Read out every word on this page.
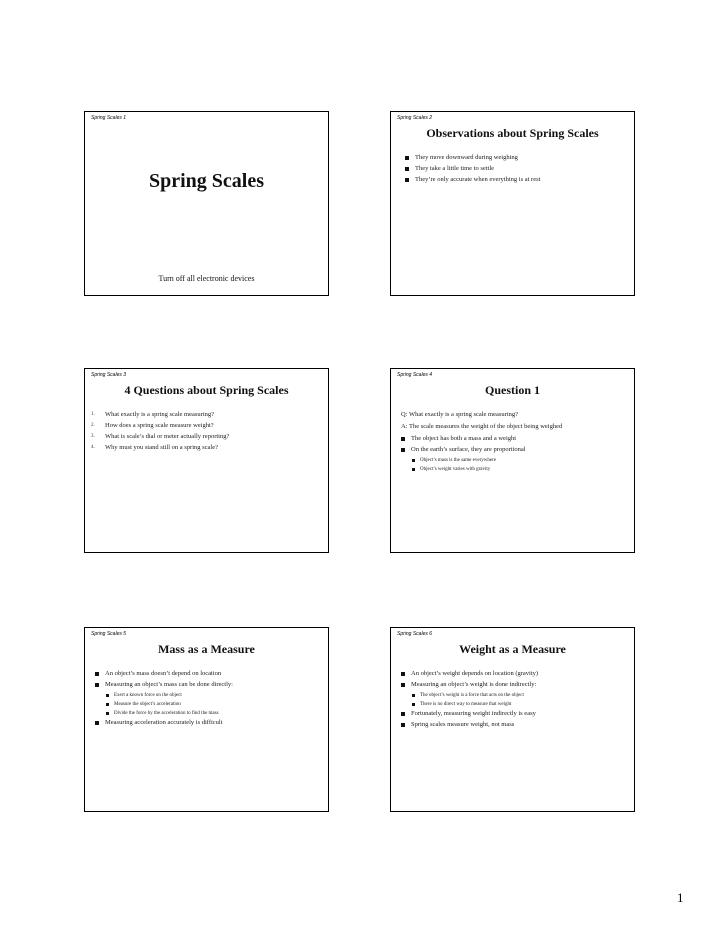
Spring Scales 1
Spring Scales
Turn off all electronic devices
Spring Scales 2
Observations about Spring Scales
They move downward during weighing
They take a little time to settle
They’re only accurate when everything is at rest
Spring Scales 3
4 Questions about Spring Scales
1.	What exactly is a spring scale measuring?
2.	How does a spring scale measure weight?
3.	What is scale’s dial or meter actually reporting?
4.	Why must you stand still on a spring scale?
Spring Scales 4
Question 1
Q: What exactly is a spring scale measuring?
A: The scale measures the weight of the object being weighed
The object has both a mass and a weight
On the earth’s surface, they are proportional
Object’s mass is the same everywhere
Object’s weight varies with gravity
Spring Scales 5
Mass as a Measure
An object’s mass doesn’t depend on location
Measuring an object’s mass can be done directly:
Exert a known force on the object
Measure the object’s acceleration
Divide the force by the acceleration to find the mass
Measuring acceleration accurately is difficult
Spring Scales 6
Weight as a Measure
An object’s weight depends on location (gravity)
Measuring an object’s weight is done indirectly:
The object’s weight is a force that acts on the object
There is no direct way to measure that weight
Fortunately, measuring weight indirectly is easy
Spring scales measure weight, not mass
1
